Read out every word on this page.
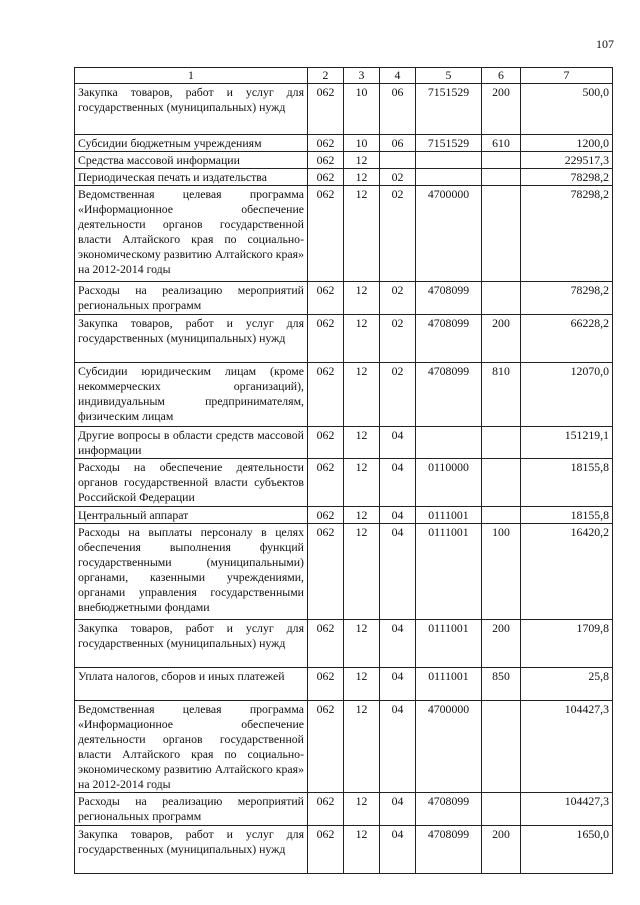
107
1	2	3	4	5	6	7
Закупка товаров, работ и услуг для государственных (муниципальных) нужд	062	10	06	7151529	200	500,0
Субсидии бюджетным учреждениям	062	10	06	7151529	610	1200,0
Средства массовой информации	062	12				229517,3
Периодическая печать и издательства	062	12	02			78298,2
Ведомственная целевая программа «Информационное обеспечение деятельности органов государственной власти Алтайского края по социально-экономическому развитию Алтайского края» на 2012-2014 годы	062	12	02	4700000		78298,2
Расходы на реализацию мероприятий региональных программ	062	12	02	4708099		78298,2
Закупка товаров, работ и услуг для государственных (муниципальных) нужд	062	12	02	4708099	200	66228,2
Субсидии юридическим лицам (кроме некоммерческих организаций), индивидуальным предпринимателям, физическим лицам	062	12	02	4708099	810	12070,0
Другие вопросы в области средств массовой информации	062	12	04			151219,1
Расходы на обеспечение деятельности органов государственной власти субъектов Российской Федерации	062	12	04	0110000		18155,8
Центральный аппарат	062	12	04	0111001		18155,8
Расходы на выплаты персоналу в целях обеспечения выполнения функций государственными (муниципальными) органами, казенными учреждениями, органами управления государственными внебюджетными фондами	062	12	04	0111001	100	16420,2
Закупка товаров, работ и услуг для государственных (муниципальных) нужд	062	12	04	0111001	200	1709,8
Уплата налогов, сборов и иных платежей	062	12	04	0111001	850	25,8
Ведомственная целевая программа «Информационное обеспечение деятельности органов государственной власти Алтайского края по социально-экономическому развитию Алтайского края» на 2012-2014 годы	062	12	04	4700000		104427,3
Расходы на реализацию мероприятий региональных программ	062	12	04	4708099		104427,3
Закупка товаров, работ и услуг для государственных (муниципальных) нужд	062	12	04	4708099	200	1650,0
